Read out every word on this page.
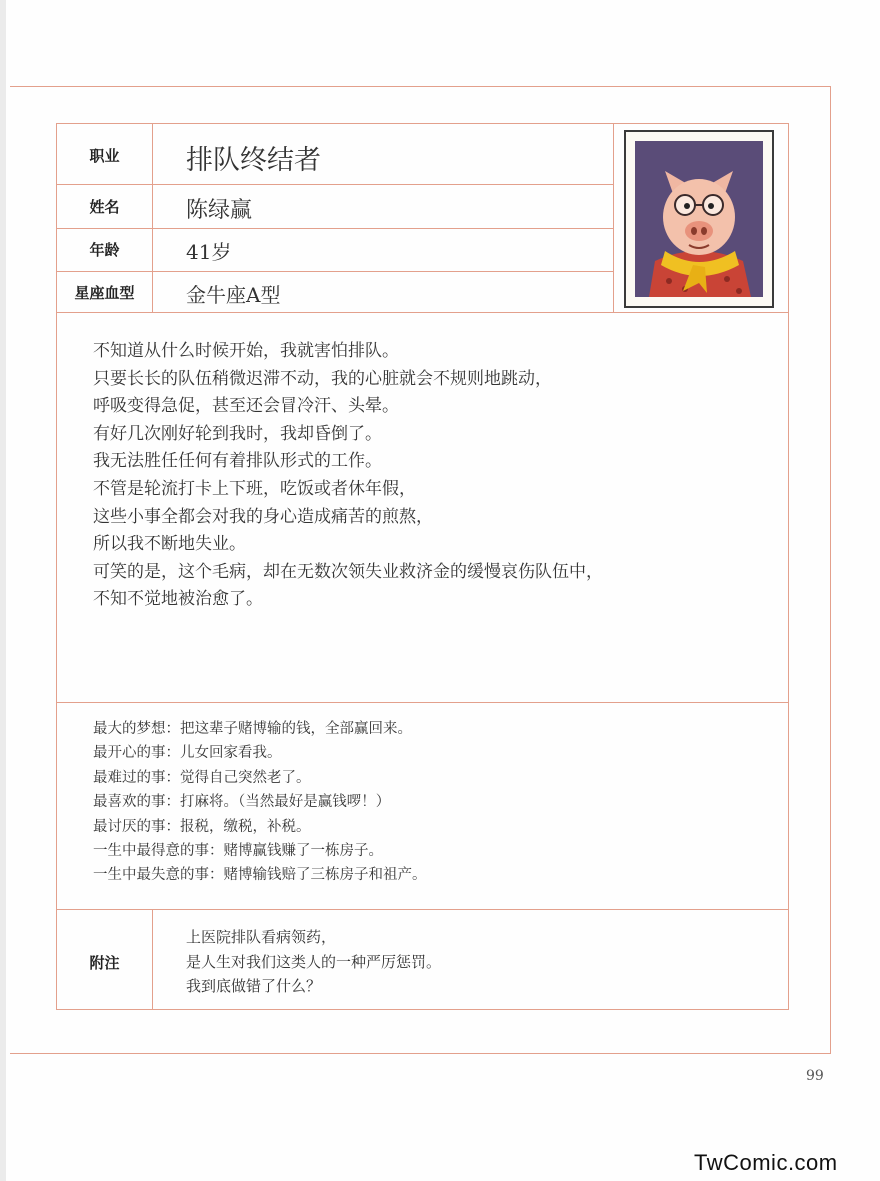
职业	排队终结者
姓名	陈绿赢
年龄	41岁
星座血型	金牛座A型

不知道从什么时候开始，我就害怕排队。

只要长长的队伍稍微迟滞不动，我的心脏就会不规则地跳动，

呼吸变得急促，甚至还会冒冷汗、头晕。

有好几次刚好轮到我时，我却昏倒了。

我无法胜任任何有着排队形式的工作。

不管是轮流打卡上下班，吃饭或者休年假，

这些小事全都会对我的身心造成痛苦的煎熬，

所以我不断地失业。

可笑的是，这个毛病，却在无数次领失业救济金的缓慢哀伤队伍中，

不知不觉地被治愈了。

最大的梦想：把这辈子赌博输的钱，全部赢回来。

最开心的事：儿女回家看我。

最难过的事：觉得自己突然老了。

最喜欢的事：打麻将。（当然最好是赢钱啰！）

最讨厌的事：报税，缴税，补税。

一生中最得意的事：赌博赢钱赚了一栋房子。

一生中最失意的事：赌博输钱赔了三栋房子和祖产。

附注

上医院排队看病领药，

是人生对我们这类人的一种严厉惩罚。

我到底做错了什么？

99
TwComic.com
